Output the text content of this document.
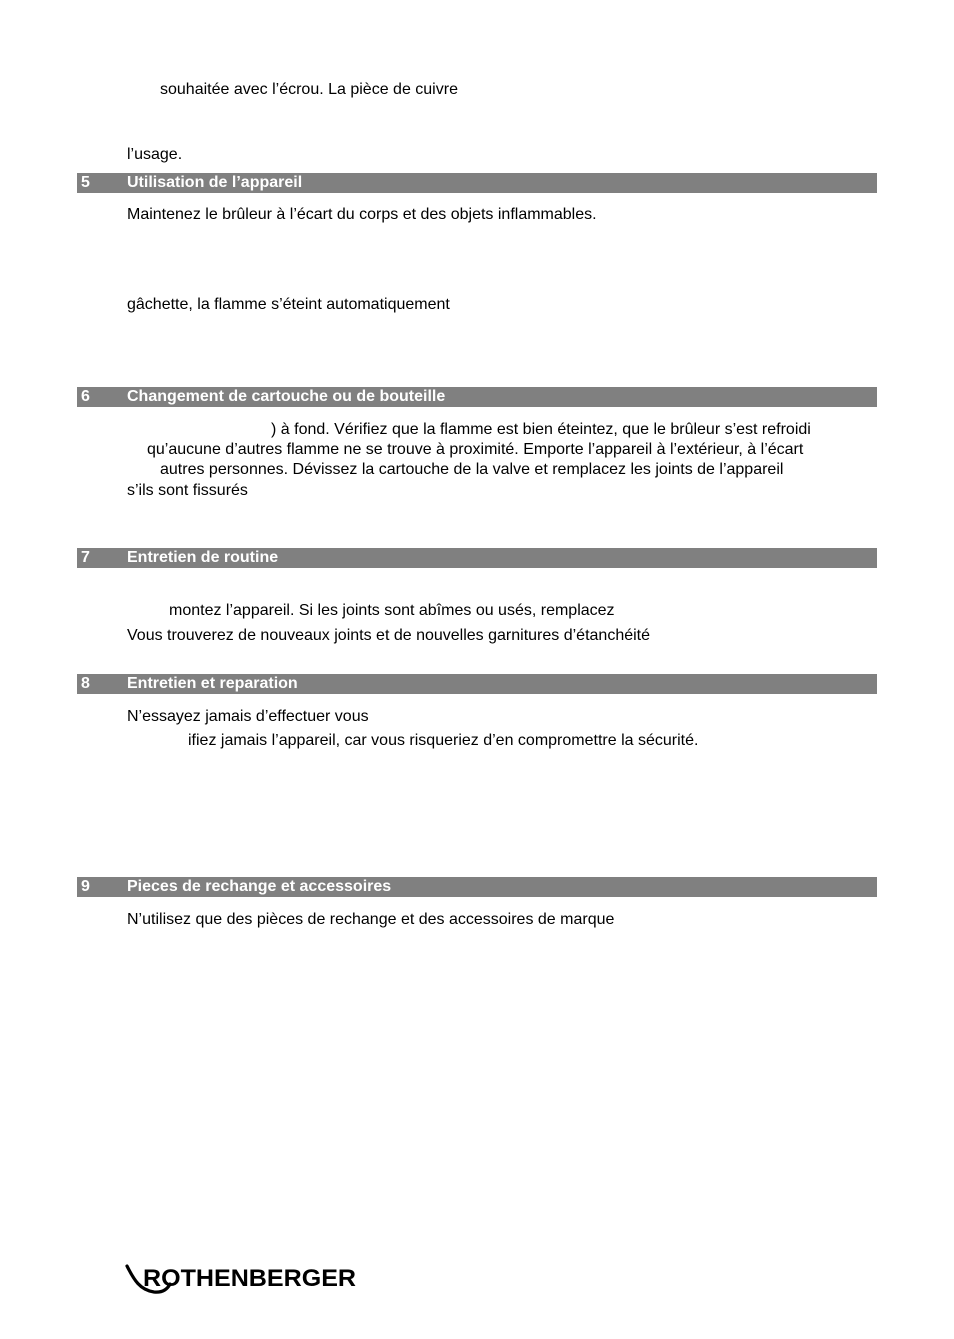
souhaitée avec l’écrou. La pièce de cuivre
l’usage.
5 Utilisation de l’appareil
Maintenez le brûleur à l’écart du corps et des objets inflammables.
gâchette, la flamme s’éteint automatiquement
6 Changement de cartouche ou de bouteille
) à fond. Vérifiez que la flamme est bien éteintez, que le brûleur s’est refroidi
qu’aucune d’autres flamme ne se trouve à proximité. Emporte l’appareil à l’extérieur, à l’écart
autres personnes. Dévissez la cartouche de la valve et remplacez les joints de l’appareil
s’ils sont fissurés
7 Entretien de routine
montez l’appareil. Si les joints sont abîmes ou usés, remplacez
Vous trouverez de nouveaux joints et de nouvelles garnitures d’étanchéité
8 Entretien et reparation
N’essayez jamais d’effectuer vous
ifiez jamais l’appareil, car vous risqueriez d’en compromettre la sécurité.
9 Pieces de rechange et accessoires
N’utilisez que des pièces de rechange et des accessoires de marque
ROTHENBERGER
